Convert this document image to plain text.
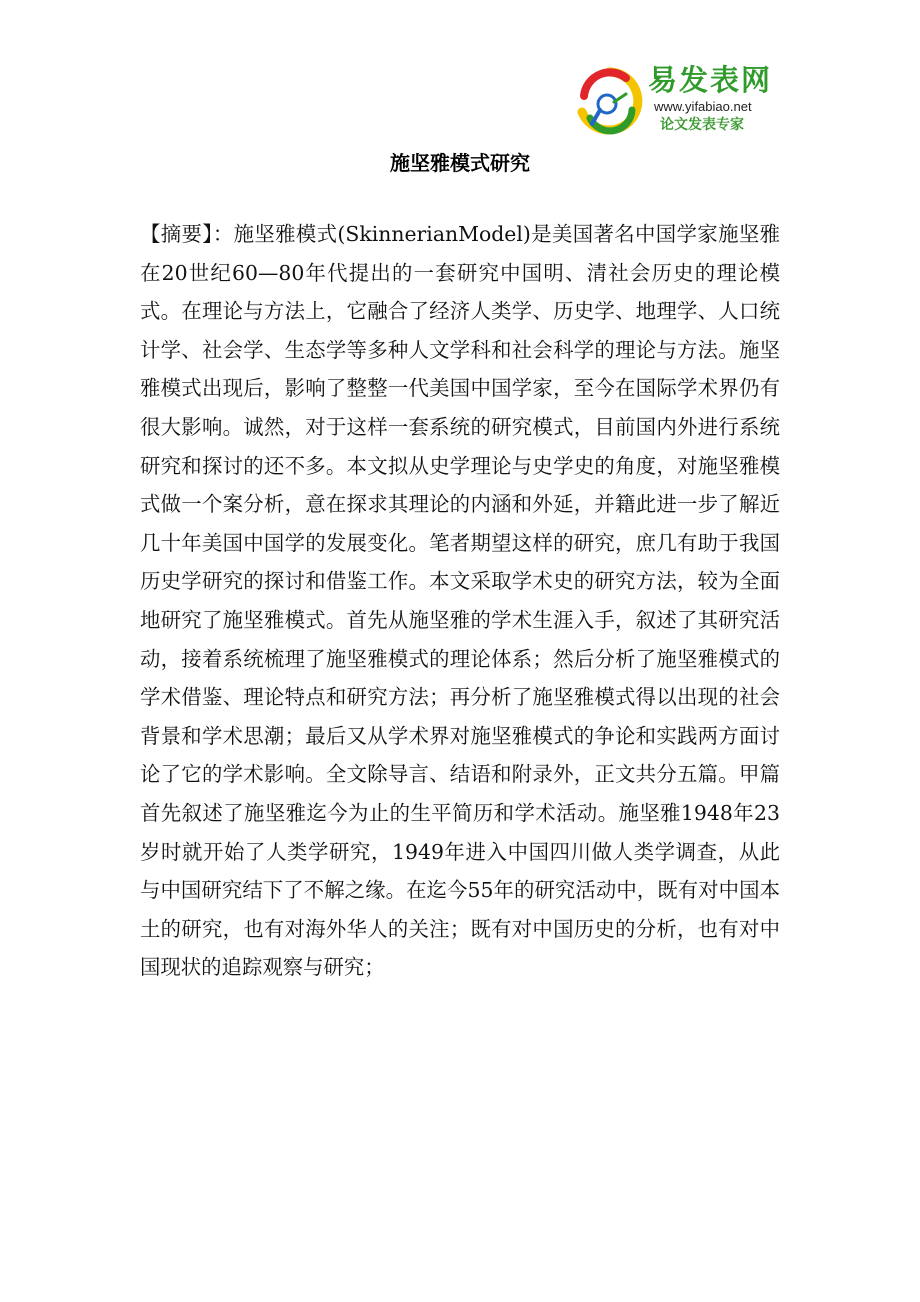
易发表网
www.yifabiao.net
论文发表专家
施坚雅模式研究

【摘要】：施坚雅模式(SkinnerianModel)是美国著名中国学家施坚雅在20世纪60—80年代提出的一套研究中国明、清社会历史的理论模式。在理论与方法上，它融合了经济人类学、历史学、地理学、人口统计学、社会学、生态学等多种人文学科和社会科学的理论与方法。施坚雅模式出现后，影响了整整一代美国中国学家，至今在国际学术界仍有很大影响。诚然，对于这样一套系统的研究模式，目前国内外进行系统研究和探讨的还不多。本文拟从史学理论与史学史的角度，对施坚雅模式做一个案分析，意在探求其理论的内涵和外延，并籍此进一步了解近几十年美国中国学的发展变化。笔者期望这样的研究，庶几有助于我国历史学研究的探讨和借鉴工作。本文采取学术史的研究方法，较为全面地研究了施坚雅模式。首先从施坚雅的学术生涯入手，叙述了其研究活动，接着系统梳理了施坚雅模式的理论体系；然后分析了施坚雅模式的学术借鉴、理论特点和研究方法；再分析了施坚雅模式得以出现的社会背景和学术思潮；最后又从学术界对施坚雅模式的争论和实践两方面讨论了它的学术影响。全文除导言、结语和附录外，正文共分五篇。甲篇首先叙述了施坚雅迄今为止的生平简历和学术活动。施坚雅1948年23岁时就开始了人类学研究，1949年进入中国四川做人类学调查，从此与中国研究结下了不解之缘。在迄今55年的研究活动中，既有对中国本土的研究，也有对海外华人的关注；既有对中国历史的分析，也有对中国现状的追踪观察与研究；
